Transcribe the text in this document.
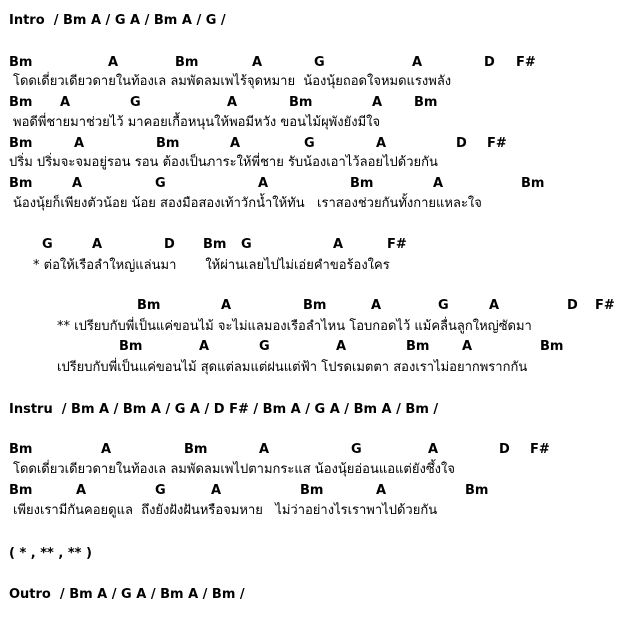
Intro  / Bm A / G A / Bm A / G /
Instru  / Bm A / Bm A / G A / D F# / Bm A / G A / Bm A / Bm /
( * , ** , ** )
Outro  / Bm A / G A / Bm A / Bm /
Bm	A	Bm	A	G	A	D F#
โดดเดี่ยวเดียวดายในท้องเล ลมพัดลมเพไร้จุดหมาย  น้องนุ้ยถอดใจหมดแรงพลัง
Bm A	G	A	Bm	A Bm
พอดีพี่ชายมาช่วยไว้ มาคอยเกื้อหนุนให้พอมีหวัง ขอนไม้ผุพังยังมีใจ
Bm	A	Bm	A	G	A	D F#
ปริ่ม ปริ่มจะจมอยู่รอน รอน ต้องเป็นภาระให้พี่ชาย รับน้องเอาไว้ลอยไปด้วยกัน
Bm	A	G	A	Bm	A	Bm
น้องนุ้ยก็เพียงตัวน้อย น้อย สองมือสองเท้าวักน้ำให้ทัน   เราสองช่วยกันทั้งกายแหละใจ
G	A	D Bm G	A	F#
* ต่อให้เรือลำใหญ่แล่นมา       ให้ผ่านเลยไปไม่เอ่ยคำขอร้องใคร
Bm	A	Bm	A	G	A	D F#
** เปรียบกับพี่เป็นแค่ขอนไม้ จะไม่แลมองเรือลำไหน โอบกอดไว้ แม้คลื่นลูกใหญ่ซัดมา
Bm	A	G	A	Bm	A	Bm
เปรียบกับพี่เป็นแค่ขอนไม้ สุดแต่ลมแต่ฝนแต่ฟ้า โปรดเมตตา สองเราไม่อยากพรากกัน
Bm	A	Bm	A	G	A	D F#
โดดเดี่ยวเดียวดายในท้องเล ลมพัดลมเพไปตามกระแส น้องนุ้ยอ่อนแอแต่ยังซึ้งใจ
Bm	A	G	A	Bm	A	Bm
เพียงเรามีกันคอยดูแล  ถึงยังฝังฝันหรือจมหาย   ไม่ว่าอย่างไรเราพาไปด้วยกัน
